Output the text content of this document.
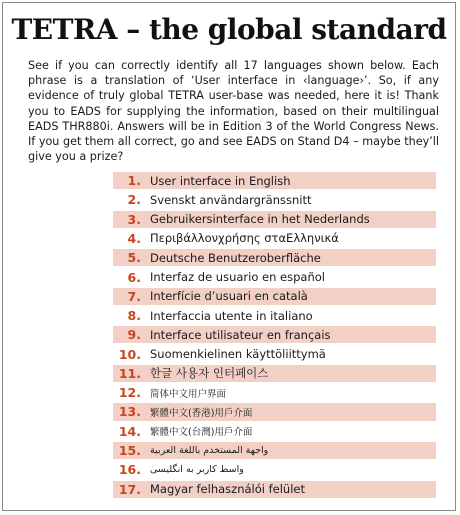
TETRA – the global standard

See if you can correctly identify all 17 languages shown below. Each phrase is a translation of ‘User interface in ‹language›’. So, if any evidence of truly global TETRA user-base was needed, here it is! Thank you to EADS for supplying the information, based on their multilingual EADS THR880i. Answers will be in Edition 3 of the World Congress News. If you get them all correct, go and see EADS on Stand D4 – maybe they’ll give you a prize?

1. User interface in English
2. Svenskt användargränssnitt
3. Gebruikersinterface in het Nederlands
4. Περιβάλλονχρήσης σταΕλληνικά
5. Deutsche Benutzeroberfläche
6. Interfaz de usuario en español
7. Interfície d’usuari en català
8. Interfaccia utente in italiano
9. Interface utilisateur en français
10. Suomenkielinen käyttöliittymä
11. 한글 사용자 인터페이스
12. 简体中文用户界面
13. 繁體中文(香港)用戶介面
14. 繁體中文(台灣)用戶介面
15. واجهة المستخدم باللغة العربية
16. واسط کاربر به انگلیسی
17. Magyar felhasználói felület
